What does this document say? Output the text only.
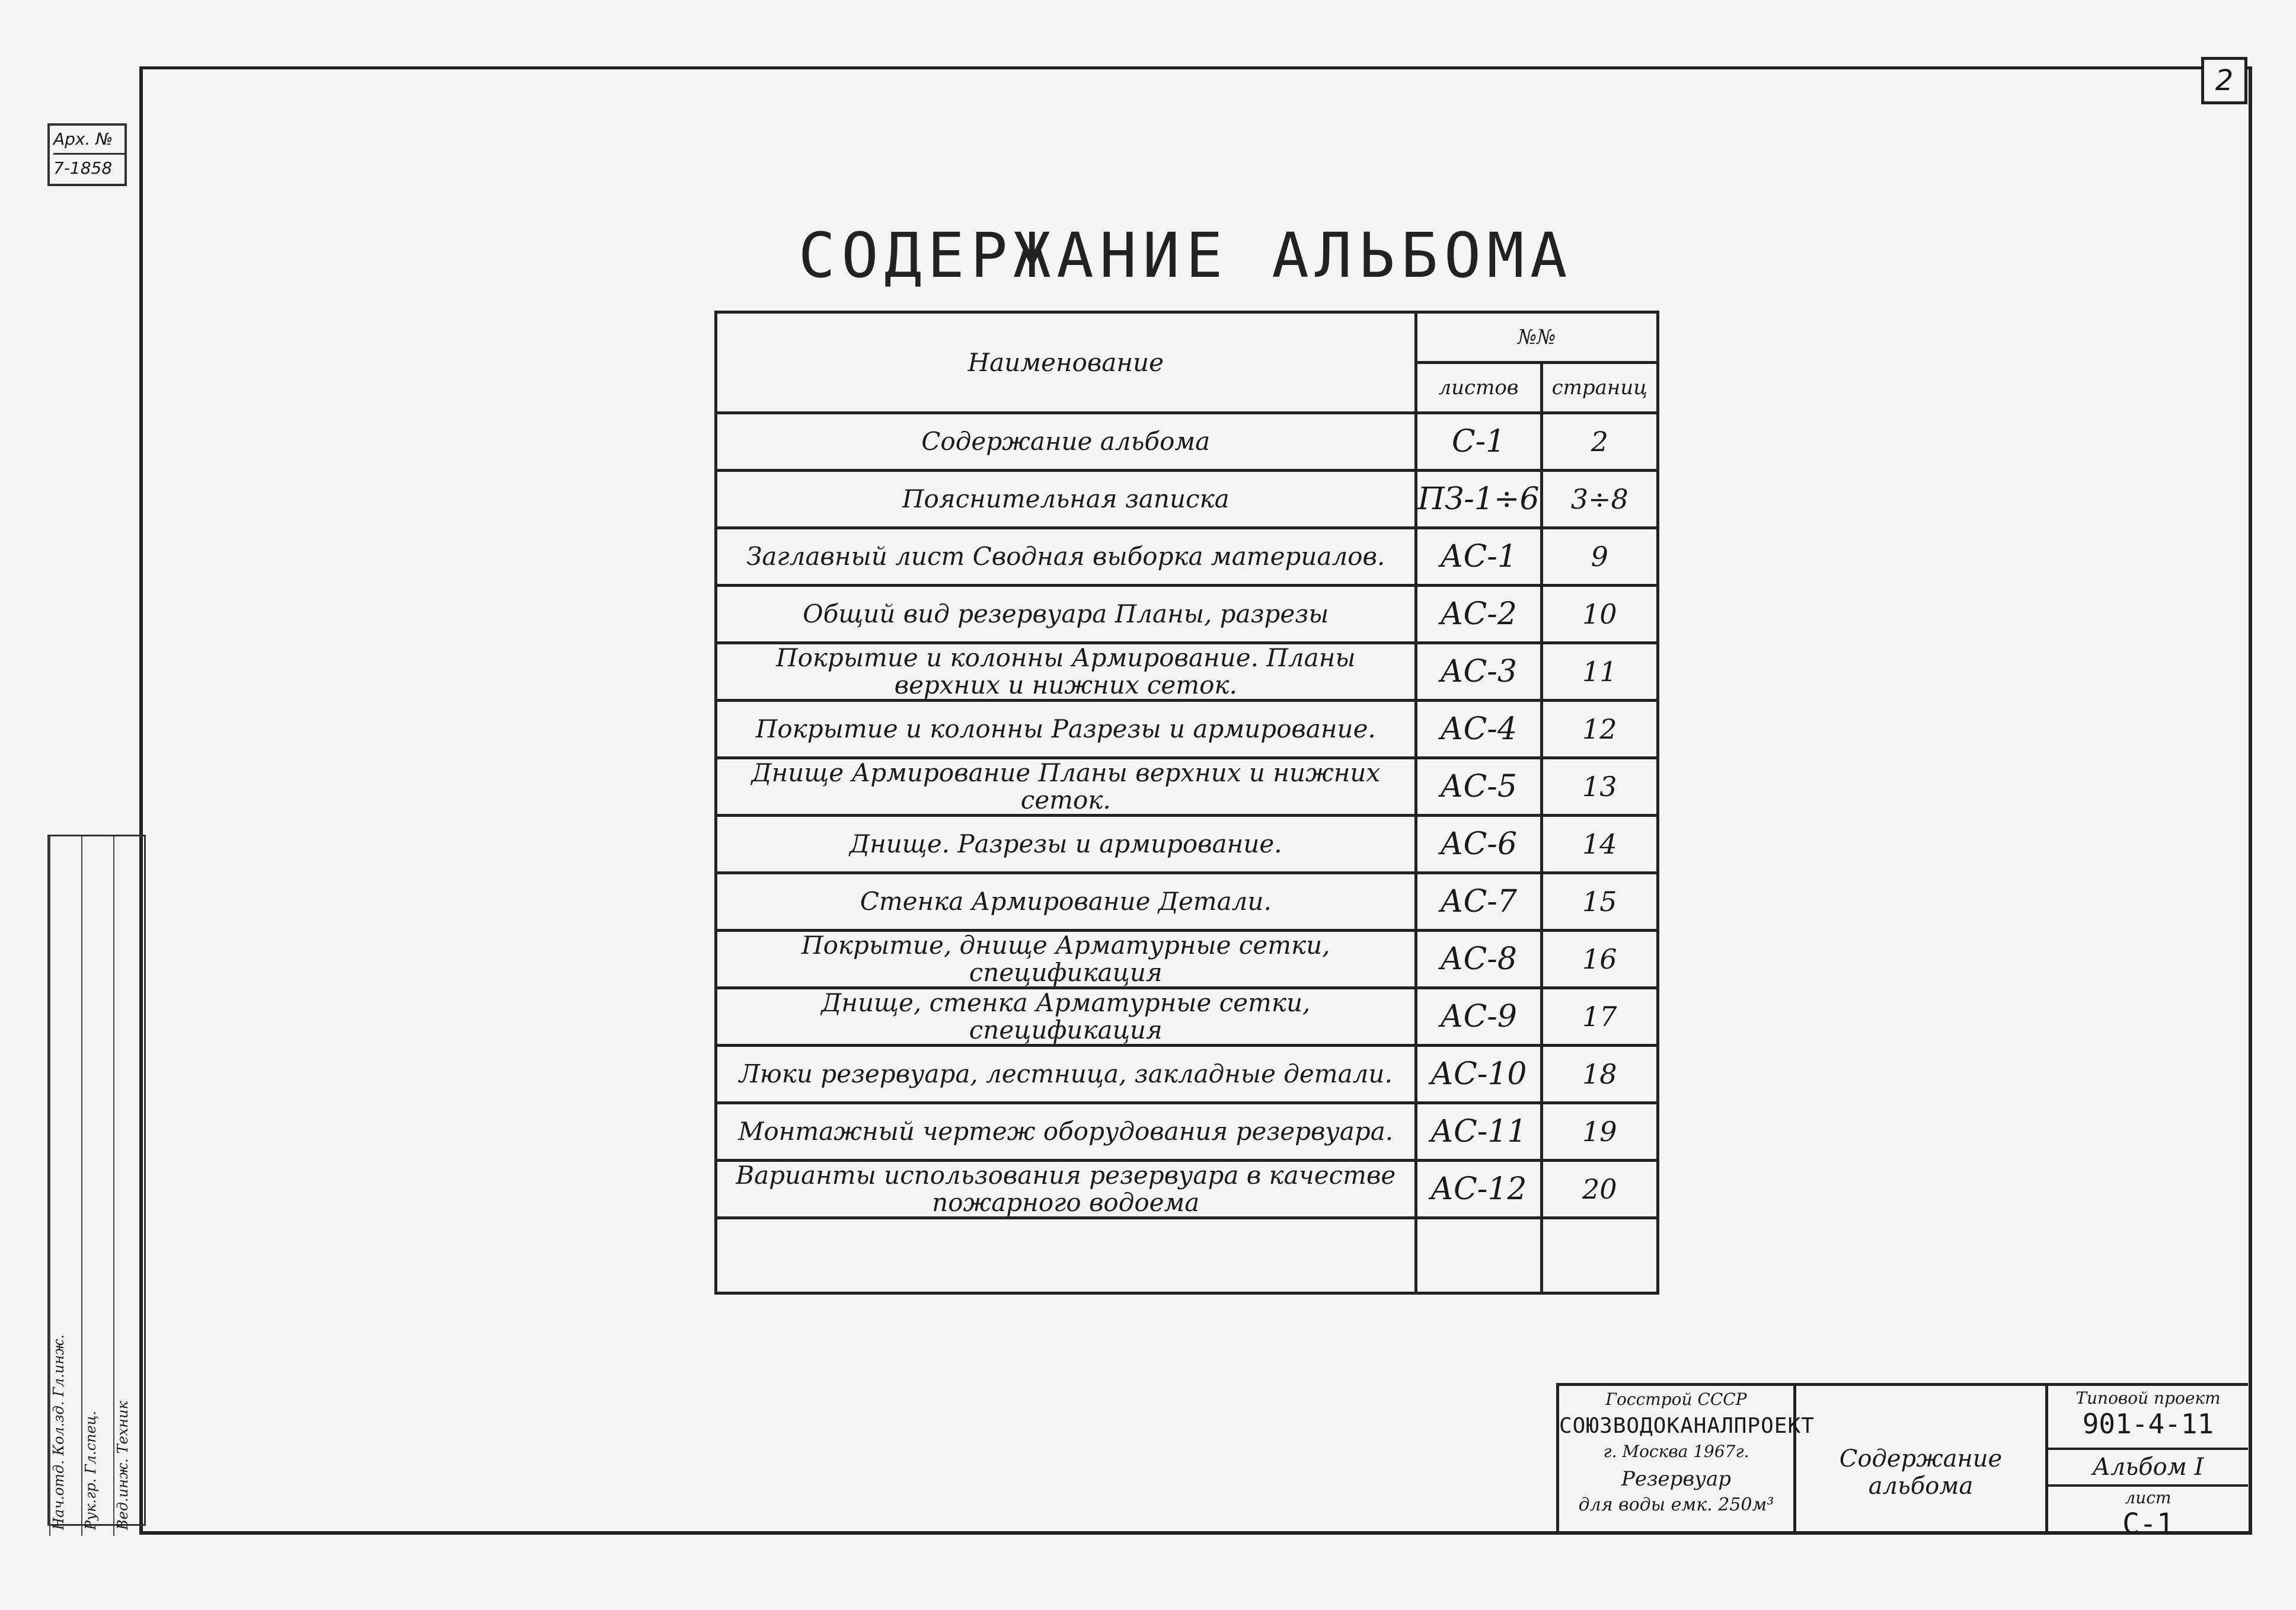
2
Арх. №
7-1858
Нач.отд. Кол.зд. Гл.инж.	Рук.гр. Гл.спец.	Вед.инж. Техник
СОДЕРЖАНИЕ АЛЬБОМА
Наименование	№№	
	листов	страниц
Содержание альбома	С-1	2
Пояснительная записка	ПЗ-1÷6	3÷8
Заглавный лист Сводная выборка материалов.	АС-1	9
Общий вид резервуара Планы, разрезы	АС-2	10
Покрытие и колонны Армирование. Планы верхних и нижних сеток.	АС-3	11
Покрытие и колонны Разрезы и армирование.	АС-4	12
Днище Армирование Планы верхних и нижних сеток.	АС-5	13
Днище. Разрезы и армирование.	АС-6	14
Стенка Армирование Детали.	АС-7	15
Покрытие, днище Арматурные сетки, спецификация	АС-8	16
Днище, стенка Арматурные сетки, спецификация	АС-9	17
Люки резервуара, лестница, закладные детали.	АС-10	18
Монтажный чертеж оборудования резервуара.	АС-11	19
Варианты использования резервуара в качестве пожарного водоема	АС-12	20

Госстрой СССР
СОЮЗВОДОКАНАЛПРОЕКТ
г. Москва 1967г.
Резервуар
для воды емк. 250м³
Содержание альбома
Типовой проект
901-4-11
Альбом I
лист
С-1
